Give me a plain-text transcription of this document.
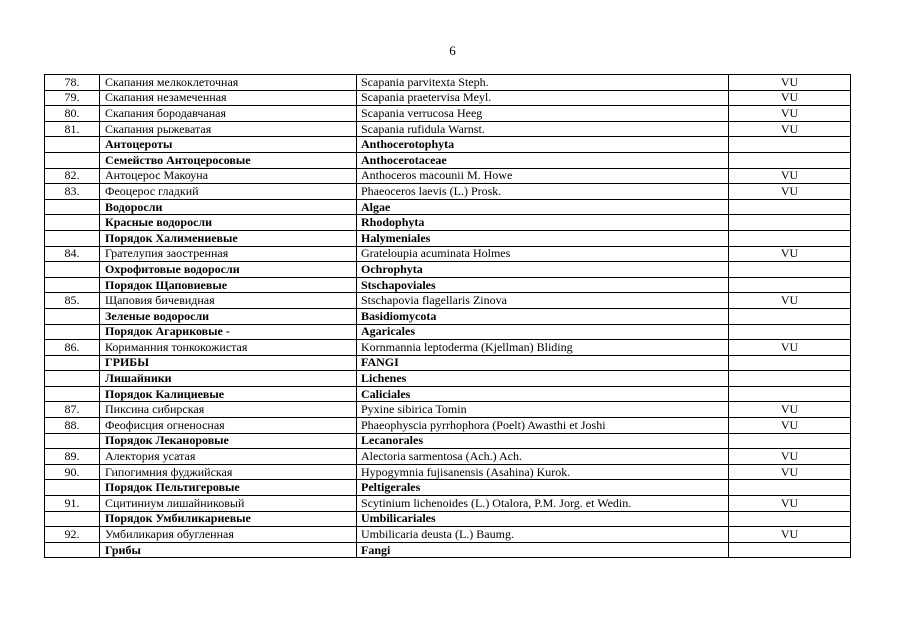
6
78.	Скапания мелкоклеточная	Scapania parvitexta Steph.	VU
79.	Скапания незамеченная	Scapania praetervisa Meyl.	VU
80.	Скапания бородавчаная	Scapania verrucosa Heeg	VU
81.	Скапания рыжеватая	Scapania rufidula Warnst.	VU
	Антоцероты	Anthocerotophyta	
	Семейство Антоцеросовые	Anthocerotaceae	
82.	Антоцерос Макоуна	Anthoceros macounii M. Howe	VU
83.	Феоцерос гладкий	Phaeoceros laevis (L.) Prosk.	VU
	Водоросли	Algae	
	Красные водоросли	Rhodophyta	
	Порядок Халимениевые	Halymeniales	
84.	Грателупия заостренная	Grateloupia acuminata Holmes	VU
	Охрофитовые водоросли	Ochrophyta	
	Порядок Щаповиевые	Stschapoviales	
85.	Щаповия бичевидная	Stschapovia flagellaris Zinova	VU
	Зеленые водоросли	Basidiomycota	
	Порядок Агариковые -	Agaricales	
86.	Кориманния тонкокожистая	Kornmannia leptoderma (Kjellman) Bliding	VU
	ГРИБЫ	FANGI	
	Лишайники	Lichenes	
	Порядок Калициевые	Caliciales	
87.	Пиксина сибирская	Pyxine sibirica Tomin	VU
88.	Феофисция огненосная	Phaeophyscia pyrrhophora (Poelt) Awasthi et Joshi	VU
	Порядок Леканоровые	Lecanorales	
89.	Алектория усатая	Alectoria sarmentosa (Ach.) Ach.	VU
90.	Гипогимния фуджийская	Hypogymnia fujisanensis (Asahina) Kurok.	VU
	Порядок Пельтигеровые	Peltigerales	
91.	Сцитиниум лишайниковый	Scytinium lichenoides (L.) Otalora, P.M. Jorg. et Wedin.	VU
	Порядок Умбиликариевые	Umbilicariales	
92.	Умбиликария обугленная	Umbilicaria deusta (L.) Baumg.	VU
	Грибы	Fangi	
